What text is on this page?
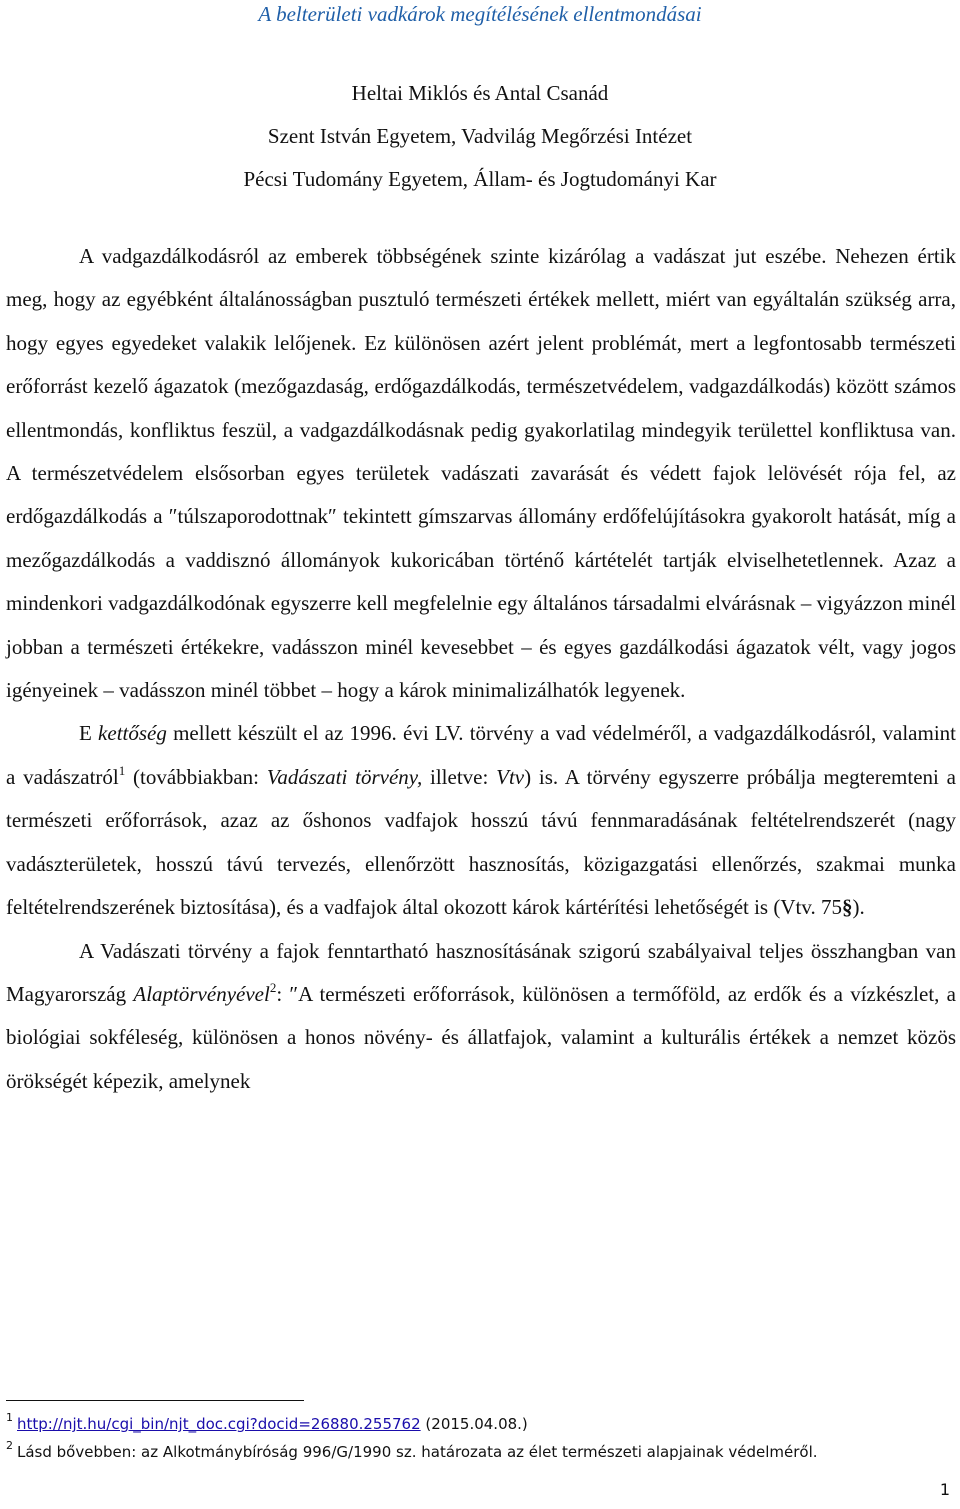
A belterületi vadkárok megítélésének ellentmondásai
Heltai Miklós és Antal Csanád
Szent István Egyetem, Vadvilág Megőrzési Intézet
Pécsi Tudomány Egyetem, Állam- és Jogtudományi Kar

A vadgazdálkodásról az emberek többségének szinte kizárólag a vadászat jut eszébe. Nehezen értik meg, hogy az egyébként általánosságban pusztuló természeti értékek mellett, miért van egyáltalán szükség arra, hogy egyes egyedeket valakik lelőjenek. Ez különösen azért jelent problémát, mert a legfontosabb természeti erőforrást kezelő ágazatok (mezőgazdaság, erdőgazdálkodás, természetvédelem, vadgazdálkodás) között számos ellentmondás, konfliktus feszül, a vadgazdálkodásnak pedig gyakorlatilag mindegyik területtel konfliktusa van. A természetvédelem elsősorban egyes területek vadászati zavarását és védett fajok lelövését rója fel, az erdőgazdálkodás a ″túlszaporodottnak″ tekintett gímszarvas állomány erdőfelújításokra gyakorolt hatását, míg a mezőgazdálkodás a vaddisznó állományok kukoricában történő kártételét tartják elviselhetetlennek. Azaz a mindenkori vadgazdálkodónak egyszerre kell megfelelnie egy általános társadalmi elvárásnak – vigyázzon minél jobban a természeti értékekre, vadásszon minél kevesebbet – és egyes gazdálkodási ágazatok vélt, vagy jogos igényeinek – vadásszon minél többet – hogy a károk minimalizálhatók legyenek.

E kettőség mellett készült el az 1996. évi LV. törvény a vad védelméről, a vadgazdálkodásról, valamint a vadászatról$^1$ (továbbiakban: Vadászati törvény, illetve: Vtv) is. A törvény egyszerre próbálja megteremteni a természeti erőforrások, azaz az őshonos vadfajok hosszú távú fennmaradásának feltételrendszerét (nagy vadászterületek, hosszú távú tervezés, ellenőrzött hasznosítás, közigazgatási ellenőrzés, szakmai munka feltételrendszerének biztosítása), és a vadfajok által okozott károk kártérítési lehetőségét is (Vtv. 75§).

A Vadászati törvény a fajok fenntartható hasznosításának szigorú szabályaival teljes összhangban van Magyarország Alaptörvényével$^2$: ″A természeti erőforrások, különösen a termőföld, az erdők és a vízkészlet, a biológiai sokféleség, különösen a honos növény- és állatfajok, valamint a kulturális értékek a nemzet közös örökségét képezik, amelynek

$^1$ http://njt.hu/cgi_bin/njt_doc.cgi?docid=26880.255762 (2015.04.08.)
$^2$ Lásd bővebben: az Alkotmánybíróság 996/G/1990 sz. határozata az élet természeti alapjainak védelméről.
1
